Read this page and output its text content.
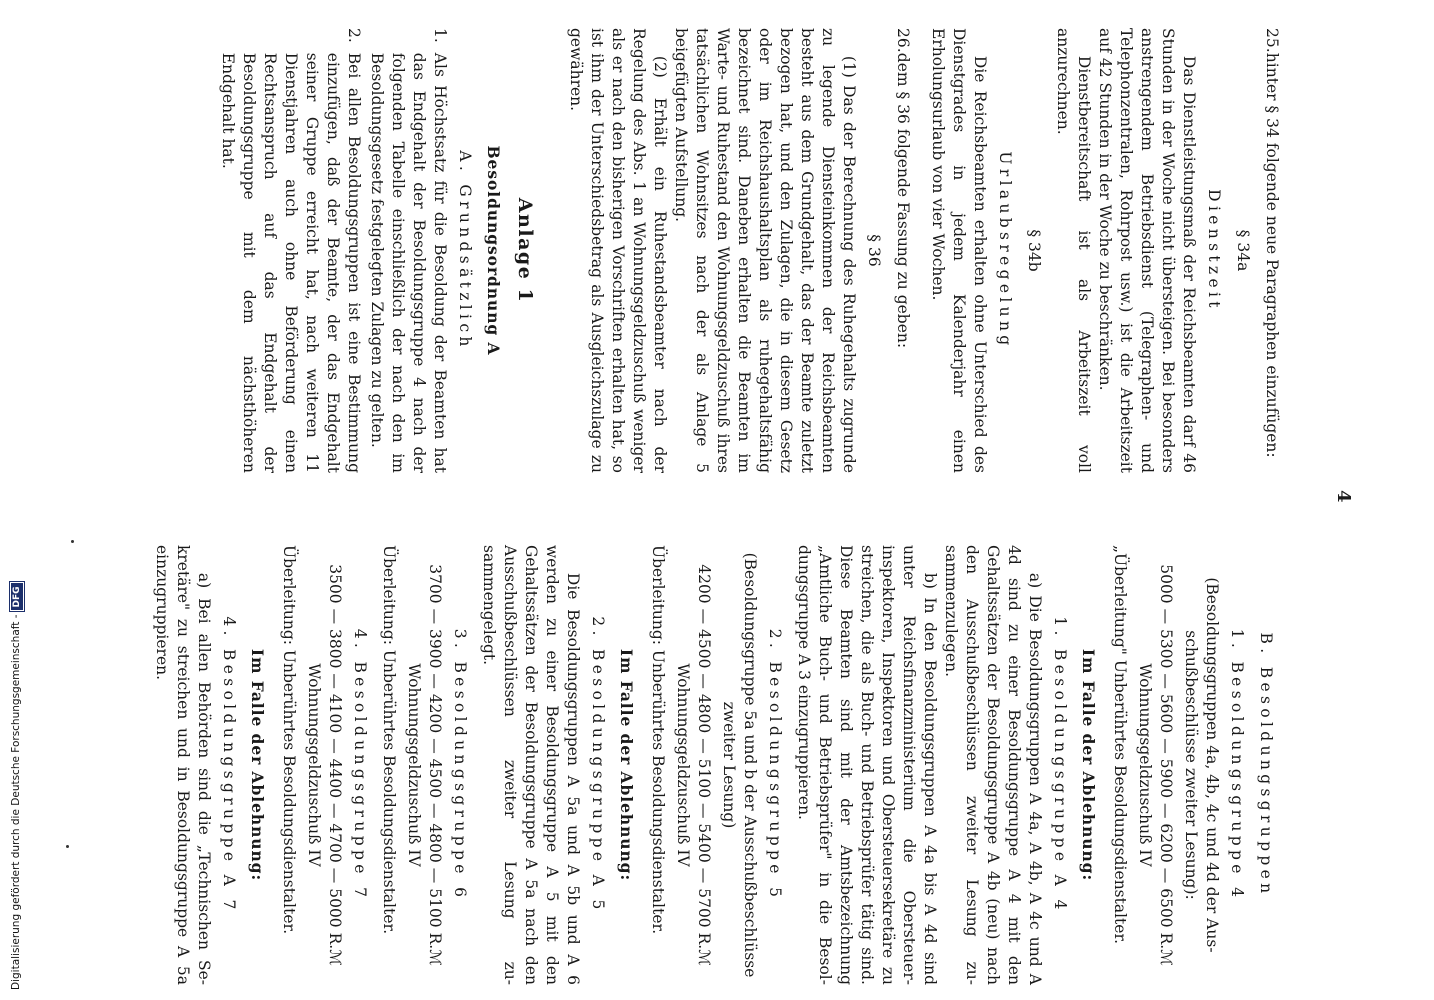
4

25.hinter § 34 folgende neue Paragraphen einzufügen:

§ 34a

Dienstzeit

Das Dienstleistungsmaß der Reichsbeamten darf 46 Stunden in der Woche nicht übersteigen. Bei besonders anstrengendem Betriebsdienst (Telegraphen- und Telephonzentralen, Rohrpost usw.) ist die Arbeitszeit auf 42 Stunden in der Woche zu beschränken.

Dienstbereitschaft ist als Arbeitszeit voll anzurechnen.

§ 34b

Urlaubsregelung

Die Reichsbeamten erhalten ohne Unterschied des Dienstgrades in jedem Kalenderjahr einen Erholungsurlaub von vier Wochen.

26.dem § 36 folgende Fassung zu geben:

§ 36

(1) Das der Berechnung des Ruhegehalts zugrunde zu legende Diensteinkommen der Reichsbeamten besteht aus dem Grundgehalt, das der Beamte zuletzt bezogen hat, und den Zulagen, die in diesem Gesetz oder im Reichshaushaltsplan als ruhegehaltsfähig bezeichnet sind. Daneben erhalten die Beamten im Warte- und Ruhestand den Wohnungsgeldzuschuß ihres tatsächlichen Wohnsitzes nach der als Anlage 5 beigefügten Aufstellung.

(2) Erhält ein Ruhestandsbeamter nach der Regelung des Abs. 1 an Wohnungsgeldzuschuß weniger als er nach den bisherigen Vorschriften erhalten hat, so ist ihm der Unterschiedsbetrag als Ausgleichszulage zu gewähren.

Anlage 1

Besoldungsordnung A

A. Grundsätzlich

1.Als Höchstsatz für die Besoldung der Beamten hat das Endgehalt der Besoldungsgruppe 4 nach der folgenden Tabelle einschließlich der nach den im Besoldungsgesetz festgelegten Zulagen zu gelten.

2.Bei allen Besoldungsgruppen ist eine Bestimmung einzufügen, daß der Beamte, der das Endgehalt seiner Gruppe erreicht hat, nach weiteren 11 Dienstjahren auch ohne Beförderung einen Rechtsanspruch auf das Endgehalt der Besoldungsgruppe mit dem nächsthöheren Endgehalt hat.

B. Besoldungsgruppen

1. Besoldungsgruppe 4

(Besoldungsgruppen 4a, 4b, 4c und 4d der Ausschußbeschlüsse zweiter Lesung):

5000 — 5300 — 5600 — 5900 — 6200 — 6500 R.ℳ

Wohnungsgeldzuschuß IV

„Überleitung" Unberührtes Besoldungsdienstalter.

Im Falle der Ablehnung:

1. Besoldungsgruppe A 4

a) Die Besoldungsgruppen A 4a, A 4b, A 4c und A 4d sind zu einer Besoldungsgruppe A 4 mit den Gehaltssätzen der Besoldungsgruppe A 4b (neu) nach den Ausschußbeschlüssen zweiter Lesung zusammenzulegen.

b) In den Besoldungsgruppen A 4a bis A 4d sind unter Reichsfinanzministerium die Obersteuerinspektoren, Inspektoren und Obersteuersekretäre zu streichen, die als Buch- und Betriebsprüfer tätig sind. Diese Beamten sind mit der Amtsbezeichnung „Amtliche Buch- und Betriebsprüfer" in die Besoldungsgruppe A 3 einzugruppieren.

2. Besoldungsgruppe 5

(Besoldungsgruppe 5a und b der Ausschußbeschlüsse zweiter Lesung)

4200 — 4500 — 4800 — 5100 — 5400 — 5700 R.ℳ

Wohnungsgeldzuschuß IV

Überleitung: Unberührtes Besoldungsdienstalter.

Im Falle der Ablehnung:

2. Besoldungsgruppe A 5

Die Besoldungsgruppen A 5a und A 5b und A 6 werden zu einer Besoldungsgruppe A 5 mit den Gehaltssätzen der Besoldungsgruppe A 5a nach den Ausschußbeschlüssen zweiter Lesung zusammengelegt.

3. Besoldungsgruppe 6

3700 — 3900 — 4200 — 4500 — 4800 — 5100 R.ℳ

Wohnungsgeldzuschuß IV

Überleitung: Unberührtes Besoldungsdienstalter.

4. Besoldungsgruppe 7

3500 — 3800 — 4100 — 4400 — 4700 — 5000 R.ℳ

Wohnungsgeldzuschuß IV

Überleitung: Unberührtes Besoldungsdienstalter.

Im Falle der Ablehnung:

4. Besoldungsgruppe A 7

a) Bei allen Behörden sind die „Technischen Sekretäre" zu streichen und in Besoldungsgruppe A 5a einzugruppieren.

Digitalisierung gefördert durch die Deutsche Forschungsgemeinschaft -DFG
